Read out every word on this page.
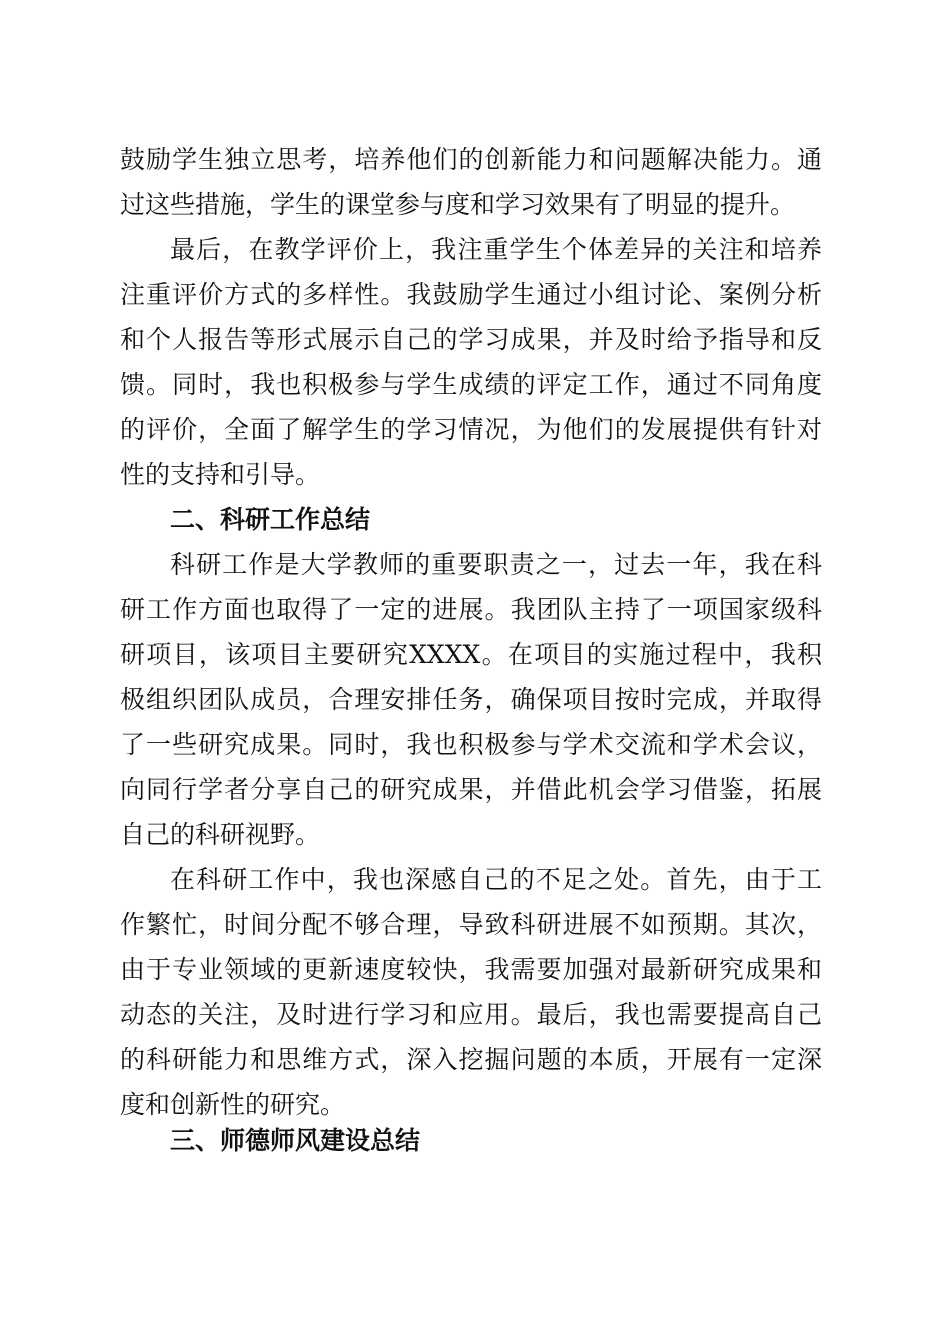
鼓励学生独立思考，培养他们的创新能力和问题解决能力。通
过这些措施，学生的课堂参与度和学习效果有了明显的提升。
最后，在教学评价上，我注重学生个体差异的关注和培养
注重评价方式的多样性。我鼓励学生通过小组讨论、案例分析
和个人报告等形式展示自己的学习成果，并及时给予指导和反
馈。同时，我也积极参与学生成绩的评定工作，通过不同角度
的评价，全面了解学生的学习情况，为他们的发展提供有针对
性的支持和引导。
二、科研工作总结
科研工作是大学教师的重要职责之一，过去一年，我在科
研工作方面也取得了一定的进展。我团队主持了一项国家级科
研项目，该项目主要研究XXXX。在项目的实施过程中，我积
极组织团队成员，合理安排任务，确保项目按时完成，并取得
了一些研究成果。同时，我也积极参与学术交流和学术会议，
向同行学者分享自己的研究成果，并借此机会学习借鉴，拓展
自己的科研视野。
在科研工作中，我也深感自己的不足之处。首先，由于工
作繁忙，时间分配不够合理，导致科研进展不如预期。其次，
由于专业领域的更新速度较快，我需要加强对最新研究成果和
动态的关注，及时进行学习和应用。最后，我也需要提高自己
的科研能力和思维方式，深入挖掘问题的本质，开展有一定深
度和创新性的研究。
三、师德师风建设总结
